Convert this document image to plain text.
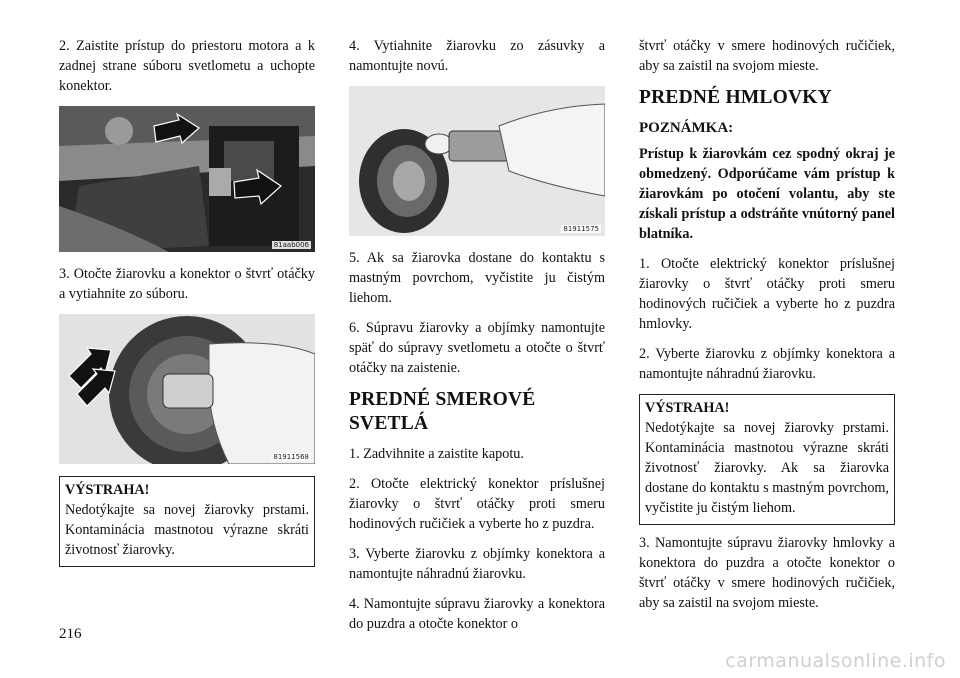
2. Zaistite prístup do priestoru motora a k zadnej strane súboru svetlometu a uchopte konektor.

81aab006

3. Otočte žiarovku a konektor o štvrť otáčky a vytiahnite zo súboru.

81911568
VÝSTRAHA!
Nedotýkajte sa novej žiarovky prstami. Kontaminácia mastnotou výrazne skráti životnosť žiarovky.

4. Vytiahnite žiarovku zo zásuvky a namontujte novú.

81911575

5. Ak sa žiarovka dostane do kontaktu s mastným povrchom, vyčistite ju čistým liehom.

6. Súpravu žiarovky a objímky namontujte späť do súpravy svetlometu a otočte o štvrť otáčky na zaistenie.

PREDNÉ SMEROVÉ SVETLÁ

1. Zadvihnite a zaistite kapotu.

2. Otočte elektrický konektor príslušnej žiarovky o štvrť otáčky proti smeru hodinových ručičiek a vyberte ho z puzdra.

3. Vyberte žiarovku z objímky konektora a namontujte náhradnú žiarovku.

4. Namontujte súpravu žiarovky a konektora do puzdra a otočte konektor o

štvrť otáčky v smere hodinových ručičiek, aby sa zaistil na svojom mieste.

PREDNÉ HMLOVKY
POZNÁMKA:

Prístup k žiarovkám cez spodný okraj je obmedzený. Odporúčame vám prístup k žiarovkám po otočení volantu, aby ste získali prístup a odstráňte vnútorný panel blatníka.

1. Otočte elektrický konektor príslušnej žiarovky o štvrť otáčky proti smeru hodinových ručičiek a vyberte ho z puzdra hmlovky.

2. Vyberte žiarovku z objímky konektora a namontujte náhradnú žiarovku.

VÝSTRAHA!
Nedotýkajte sa novej žiarovky prstami. Kontaminácia mastnotou výrazne skráti životnosť žiarovky. Ak sa žiarovka dostane do kontaktu s mastným povrchom, vyčistite ju čistým liehom.

3. Namontujte súpravu žiarovky hmlovky a konektora do puzdra a otočte konektor o štvrť otáčky v smere hodinových ručičiek, aby sa zaistil na svojom mieste.

216
carmanualsonline.info
